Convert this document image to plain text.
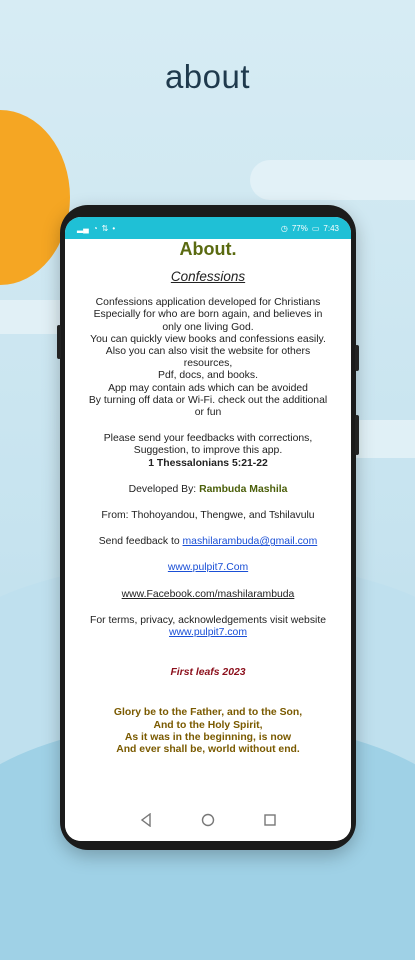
about
▂▄ ◔ ⇅ •	◷ 77% ▭ 7:43
About.
Confessions

Confessions application developed for Christians

Especially for who are born again, and believes in

only one living God.

You can quickly view books and confessions easily.

Also you can also visit the website for others

resources,

Pdf, docs, and books.

App may contain ads which can be avoided

By turning off data or Wi-Fi. check out the additional

or fun

Please send your feedbacks with corrections,

Suggestion, to improve this app.

1 Thessalonians 5:21-22

Developed By: Rambuda Mashila

From: Thohoyandou, Thengwe, and Tshilavulu

Send feedback to mashilarambuda@gmail.com

www.pulpit7.Com

www.Facebook.com/mashilarambuda

For terms, privacy, acknowledgements visit website

www.pulpit7.com

First leafs 2023

Glory be to the Father, and to the Son,

And to the Holy Spirit,

As it was in the beginning, is now

And ever shall be, world without end.
